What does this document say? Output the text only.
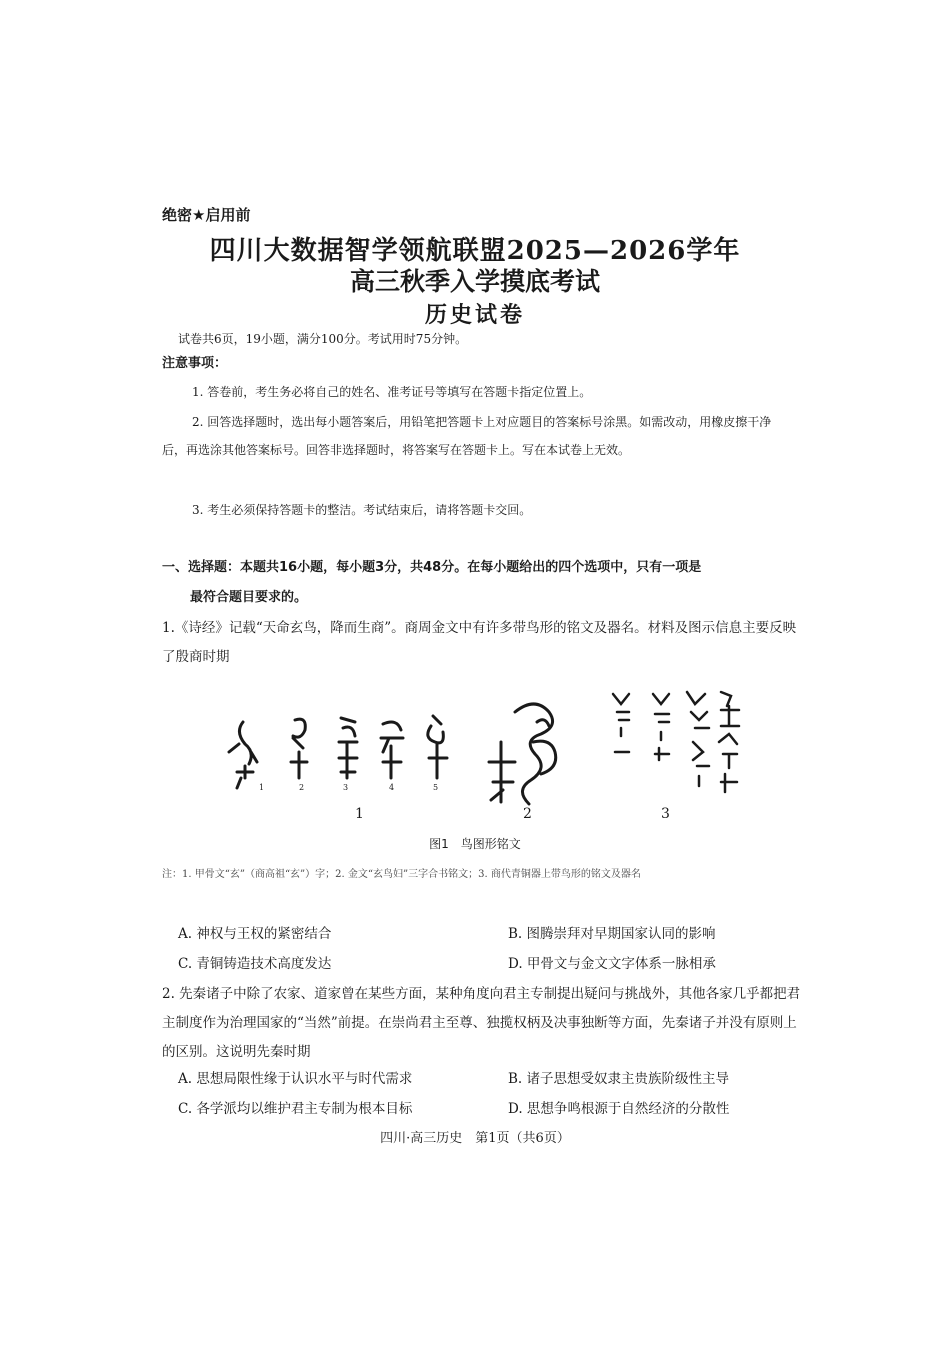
绝密★启用前
四川大数据智学领航联盟2025—2026学年
高三秋季入学摸底考试
历史试卷
试卷共6页，19小题，满分100分。考试用时75分钟。
注意事项：
1. 答卷前，考生务必将自己的姓名、准考证号等填写在答题卡指定位置上。
2. 回答选择题时，选出每小题答案后，用铅笔把答题卡上对应题目的答案标号涂黑。如需改动，用橡皮擦干净后，再选涂其他答案标号。回答非选择题时，将答案写在答题卡上。写在本试卷上无效。
3. 考生必须保持答题卡的整洁。考试结束后，请将答题卡交回。
一、选择题：本题共16小题，每小题3分，共48分。在每小题给出的四个选项中，只有一项是
最符合题目要求的。
1.《诗经》记载“天命玄鸟，降而生商”。商周金文中有许多带鸟形的铭文及器名。材料及图示信息主要反映了殷商时期
1	2	3	4	5
1	2	3
图1　鸟图形铭文
注：1. 甲骨文“玄”（商高祖“玄”）字；2. 金文“玄鸟妇”三字合书铭文；3. 商代青铜器上带鸟形的铭文及器名
A. 神权与王权的紧密结合	B. 图腾崇拜对早期国家认同的影响
C. 青铜铸造技术高度发达	D. 甲骨文与金文文字体系一脉相承
2. 先秦诸子中除了农家、道家曾在某些方面，某种角度向君主专制提出疑问与挑战外，其他各家几乎都把君主制度作为治理国家的“当然”前提。在崇尚君主至尊、独揽权柄及决事独断等方面，先秦诸子并没有原则上的区别。这说明先秦时期
A. 思想局限性缘于认识水平与时代需求	B. 诸子思想受奴隶主贵族阶级性主导
C. 各学派均以维护君主专制为根本目标	D. 思想争鸣根源于自然经济的分散性
四川·高三历史　第1页（共6页）
